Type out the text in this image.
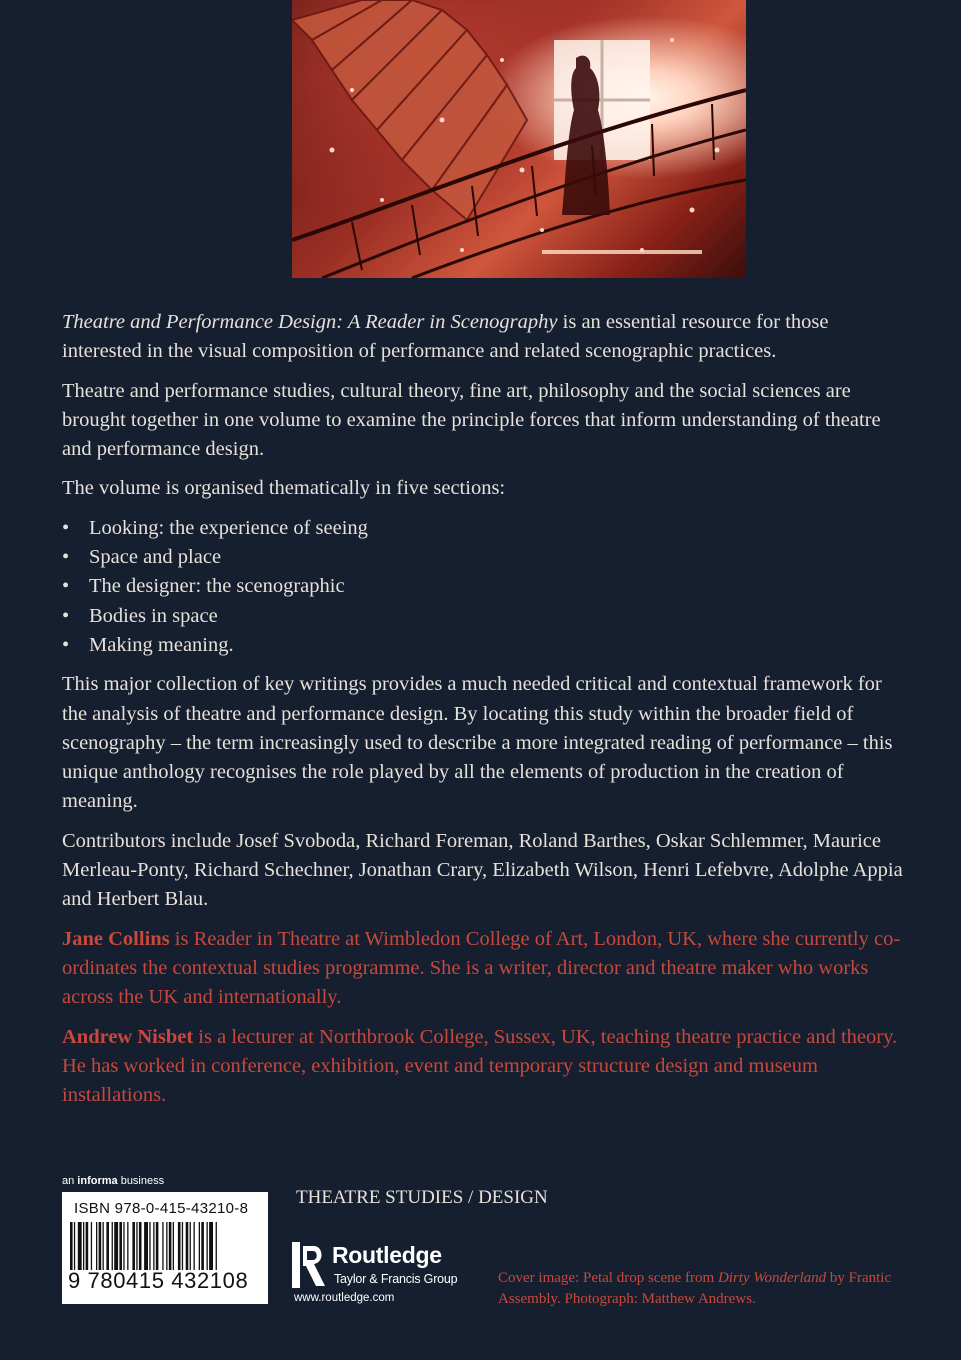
Theatre and Performance Design: A Reader in Scenography is an essential resource for those interested in the visual composition of performance and related scenographic practices.

Theatre and performance studies, cultural theory, fine art, philosophy and the social sciences are brought together in one volume to examine the principle forces that inform understanding of theatre and performance design.

The volume is organised thematically in five sections:

• Looking: the experience of seeing
• Space and place
• The designer: the scenographic
• Bodies in space
• Making meaning.

This major collection of key writings provides a much needed critical and contextual framework for the analysis of theatre and performance design. By locating this study within the broader field of scenography – the term increasingly used to describe a more integrated reading of performance – this unique anthology recognises the role played by all the elements of production in the creation of meaning.

Contributors include Josef Svoboda, Richard Foreman, Roland Barthes, Oskar Schlemmer, Maurice Merleau-Ponty, Richard Schechner, Jonathan Crary, Elizabeth Wilson, Henri Lefebvre, Adolphe Appia and Herbert Blau.

Jane Collins is Reader in Theatre at Wimbledon College of Art, London, UK, where she currently co-ordinates the contextual studies programme. She is a writer, director and theatre maker who works across the UK and internationally.

Andrew Nisbet is a lecturer at Northbrook College, Sussex, UK, teaching theatre practice and theory. He has worked in conference, exhibition, event and temporary structure design and museum installations.

an informa business
ISBN 978-0-415-43210-8
9 780415 432108
THEATRE STUDIES / DESIGN
Routledge
Taylor & Francis Group
www.routledge.com
Cover image: Petal drop scene from Dirty Wonderland by Frantic Assembly. Photograph: Matthew Andrews.
